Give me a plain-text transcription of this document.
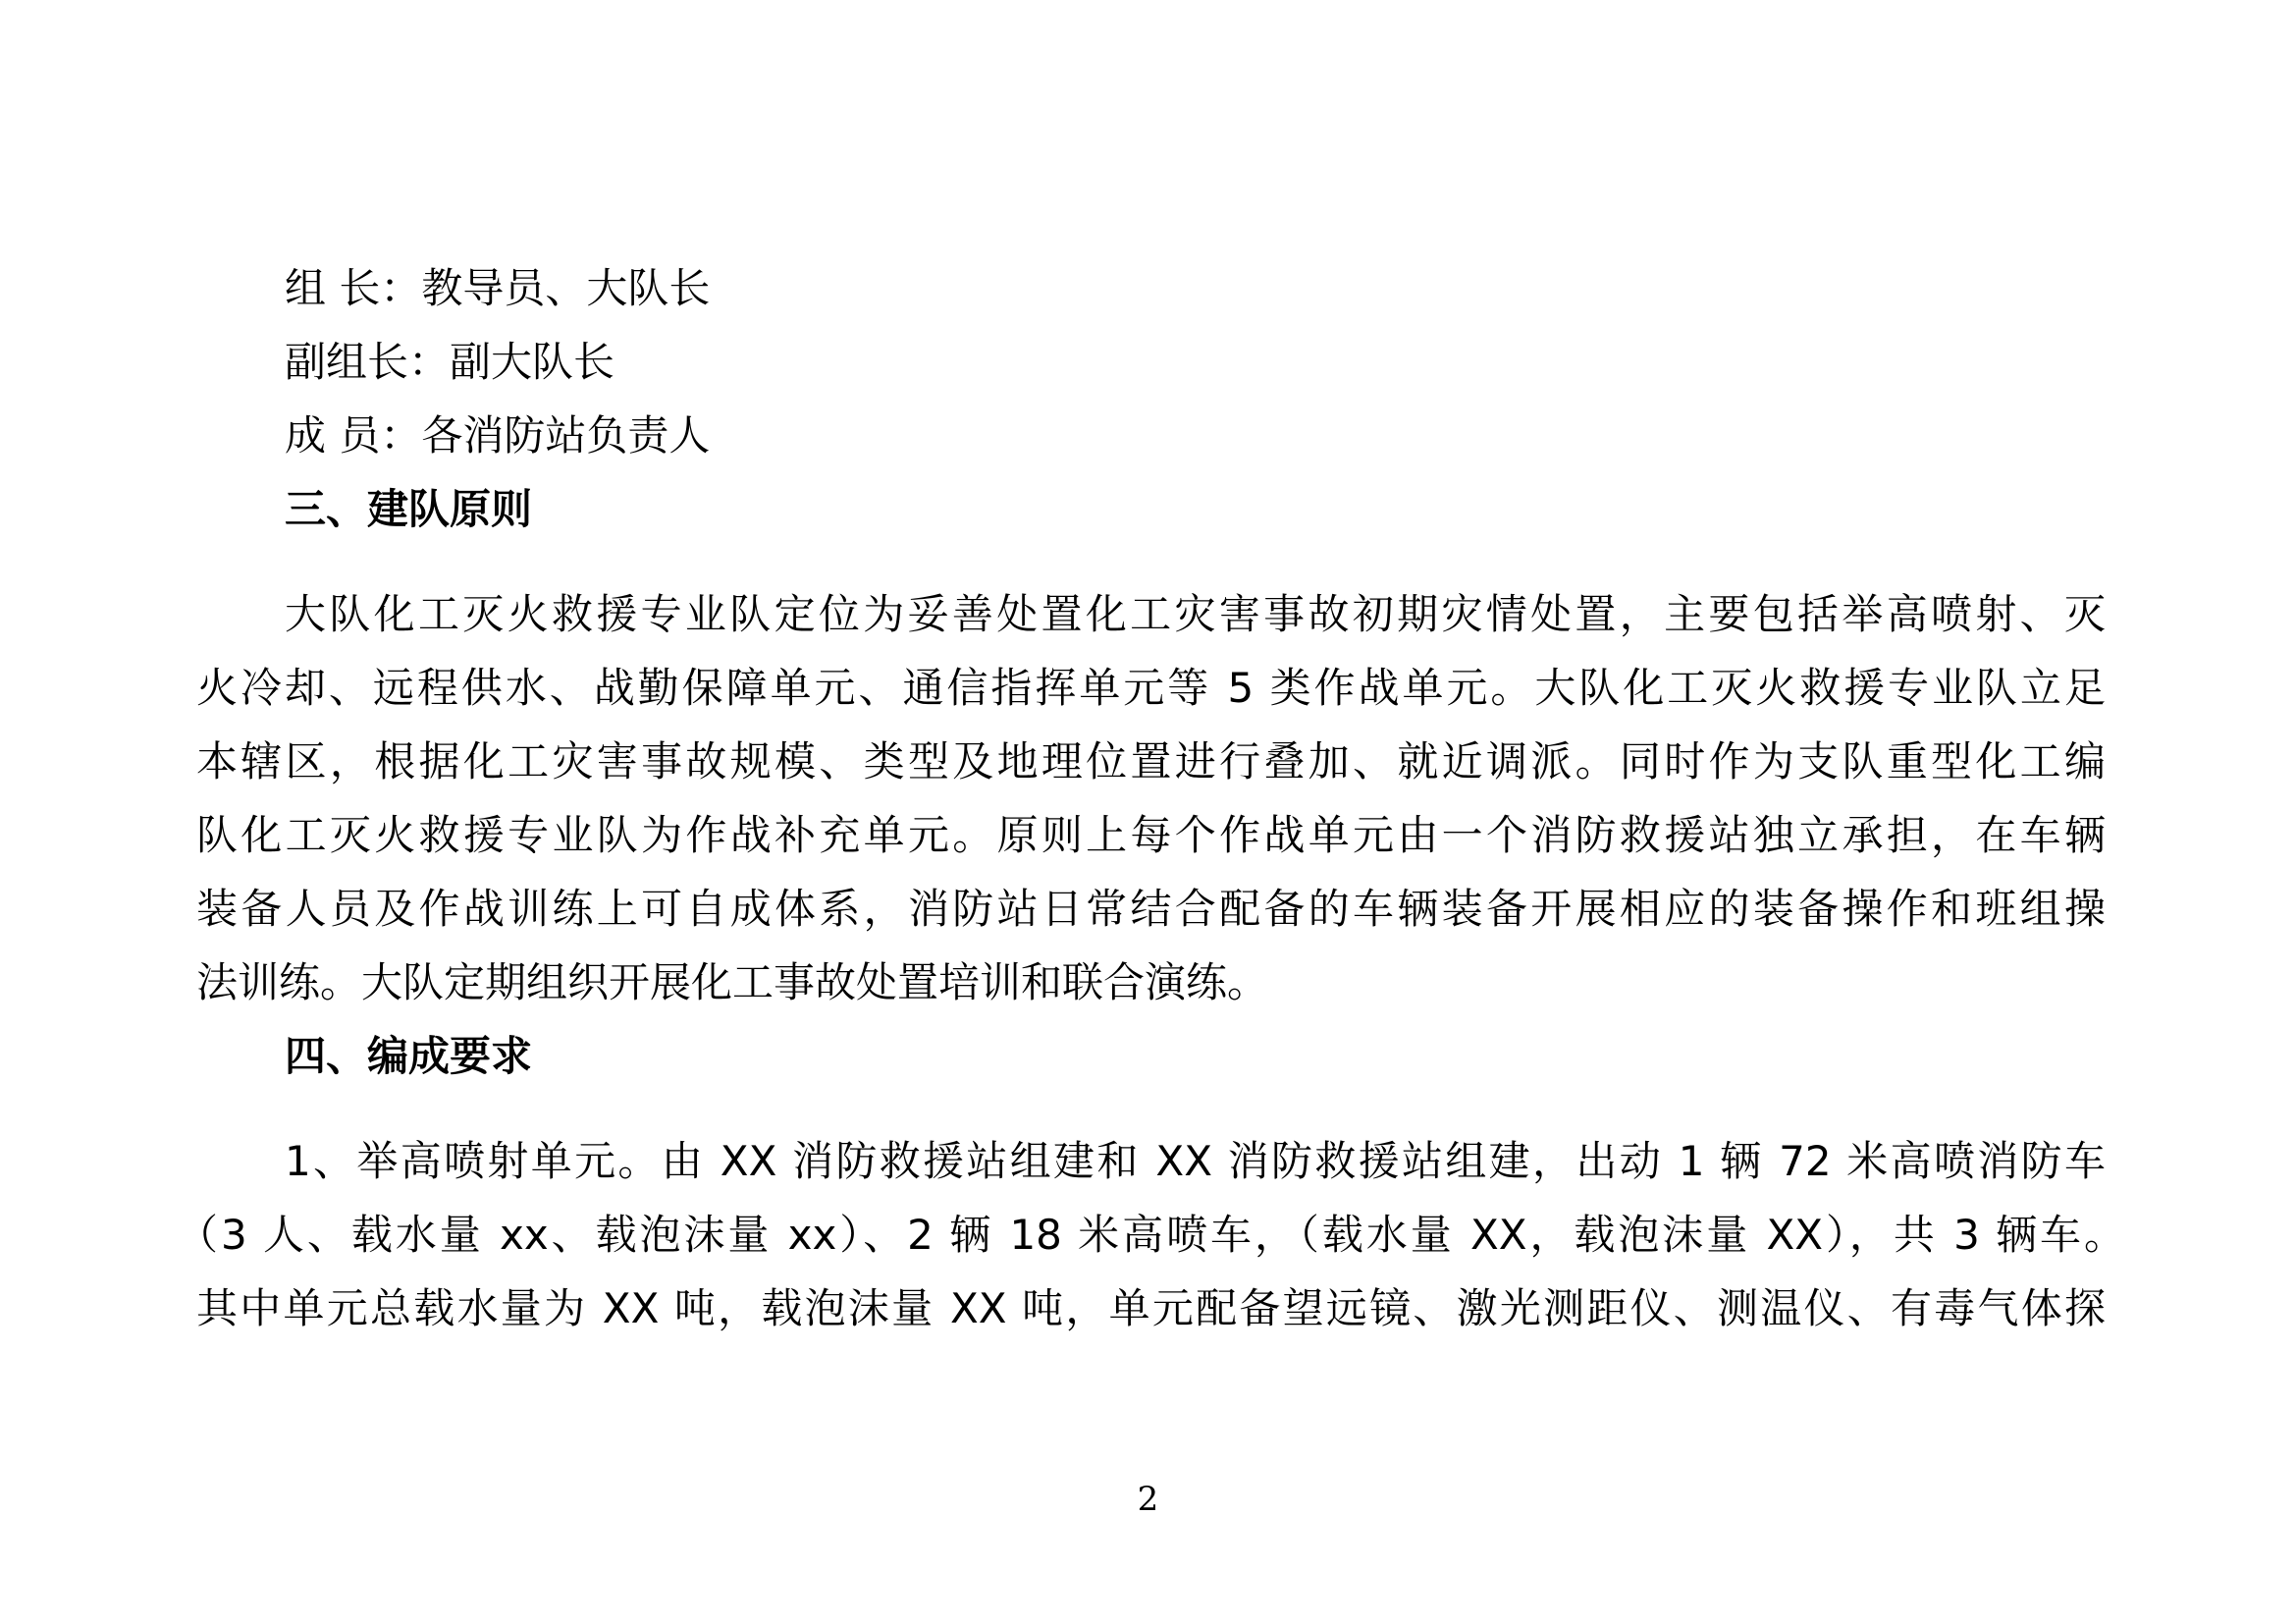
组 长：教导员、大队长

副组长：副大队长

成 员：各消防站负责人

三、建队原则

大队化工灭火救援专业队定位为妥善处置化工灾害事故初期灾情处置，主要包括举高喷射、灭

火冷却、远程供水、战勤保障单元、通信指挥单元等 5 类作战单元。大队化工灭火救援专业队立足

本辖区，根据化工灾害事故规模、类型及地理位置进行叠加、就近调派。同时作为支队重型化工编

队化工灭火救援专业队为作战补充单元。原则上每个作战单元由一个消防救援站独立承担，在车辆

装备人员及作战训练上可自成体系，消防站日常结合配备的车辆装备开展相应的装备操作和班组操

法训练。大队定期组织开展化工事故处置培训和联合演练。

四、编成要求

1、举高喷射单元。由 XX 消防救援站组建和 XX 消防救援站组建，出动 1 辆 72 米高喷消防车

（3 人、载水量 xx、载泡沫量 xx）、2 辆 18 米高喷车，（载水量 XX，载泡沫量 XX），共 3 辆车。

其中单元总载水量为 XX 吨，载泡沫量 XX 吨，单元配备望远镜、激光测距仪、测温仪、有毒气体探

2
